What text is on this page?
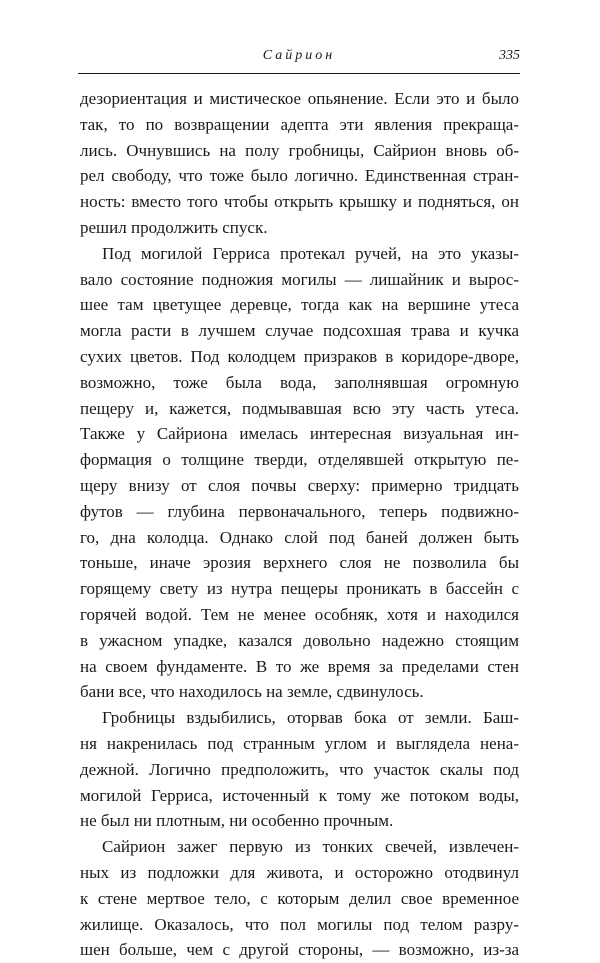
Сайрион	335
дезориентация и мистическое опьянение. Если это и было
так, то по возвращении адепта эти явления прекраща-
лись. Очнувшись на полу гробницы, Сайрион вновь об-
рел свободу, что тоже было логично. Единственная стран-
ность: вместо того чтобы открыть крышку и подняться, он
решил продолжить спуск.
Под могилой Герриса протекал ручей, на это указы-
вало состояние подножия могилы — лишайник и вырос-
шее там цветущее деревце, тогда как на вершине утеса
могла расти в лучшем случае подсохшая трава и кучка
сухих цветов. Под колодцем призраков в коридоре-дворе,
возможно, тоже была вода, заполнявшая огромную
пещеру и, кажется, подмывавшая всю эту часть утеса.
Также у Сайриона имелась интересная визуальная ин-
формация о толщине тверди, отделявшей открытую пе-
щеру внизу от слоя почвы сверху: примерно тридцать
футов — глубина первоначального, теперь подвижно-
го, дна колодца. Однако слой под баней должен быть
тоньше, иначе эрозия верхнего слоя не позволила бы
горящему свету из нутра пещеры проникать в бассейн с
горячей водой. Тем не менее особняк, хотя и находился
в ужасном упадке, казался довольно надежно стоящим
на своем фундаменте. В то же время за пределами стен
бани все, что находилось на земле, сдвинулось.
Гробницы вздыбились, оторвав бока от земли. Баш-
ня накренилась под странным углом и выглядела нена-
дежной. Логично предположить, что участок скалы под
могилой Герриса, источенный к тому же потоком воды,
не был ни плотным, ни особенно прочным.
Сайрион зажег первую из тонких свечей, извлечен-
ных из подложки для живота, и осторожно отодвинул
к стене мертвое тело, с которым делил свое временное
жилище. Оказалось, что пол могилы под телом разру-
шен больше, чем с другой стороны, — возможно, из-за
